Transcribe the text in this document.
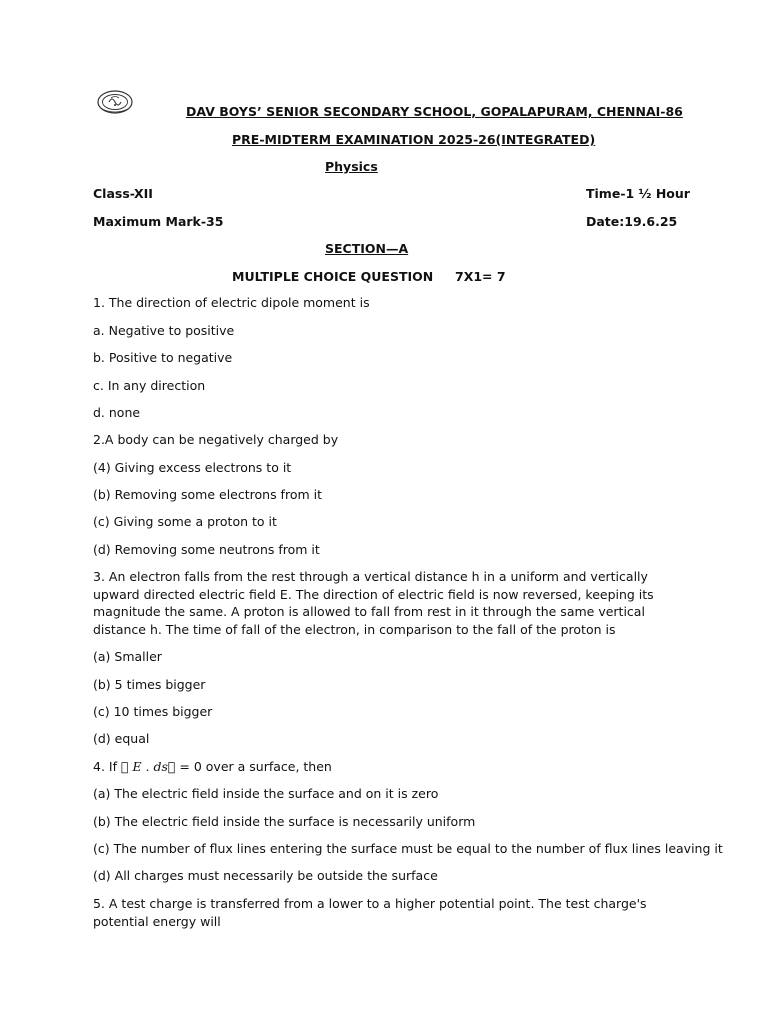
DAV BOYS’ SENIOR SECONDARY SCHOOL, GOPALAPURAM, CHENNAI-86
PRE-MIDTERM EXAMINATION 2025-26(INTEGRATED)
Physics
Class-XII	Time-1 ½ Hour
Maximum Mark-35	Date:19.6.25
SECTION—A
MULTIPLE CHOICE QUESTION     7X1= 7
1. The direction of electric dipole moment is
a. Negative to positive
b. Positive to negative
c. In any direction
d. none
2.A body can be negatively charged by
(4) Giving excess electrons to it
(b) Removing some electrons from it
(c) Giving some a proton to it
(d) Removing some neutrons from it
3. An electron falls from the rest through a vertical distance h in a uniform and vertically upward directed electric field E. The direction of electric field is now reversed, keeping its magnitude the same. A proton is allowed to fall from rest in it through the same vertical distance h. The time of fall of the electron, in comparison to the fall of the proton is
(a) Smaller
(b) 5 times bigger
(c) 10 times bigger
(d) equal
4. If ∮ E . ds⃗ = 0 over a surface, then
(a) The electric field inside the surface and on it is zero
(b) The electric field inside the surface is necessarily uniform
(c) The number of flux lines entering the surface must be equal to the number of flux lines leaving it
(d) All charges must necessarily be outside the surface
5. A test charge is transferred from a lower to a higher potential point. The test charge's potential energy will
